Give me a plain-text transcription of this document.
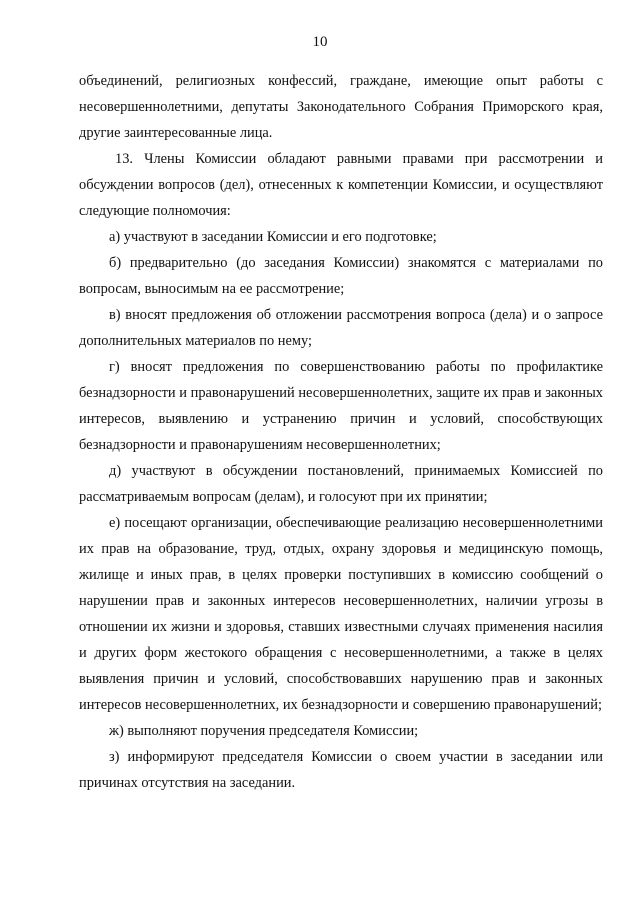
10

объединений, религиозных конфессий, граждане, имеющие опыт работы с несовершеннолетними, депутаты Законодательного Собрания Приморского края, другие заинтересованные лица.

13. Члены Комиссии обладают равными правами при рассмотрении и обсуждении вопросов (дел), отнесенных к компетенции Комиссии, и осуществляют следующие полномочия:

а) участвуют в заседании Комиссии и его подготовке;

б) предварительно (до заседания Комиссии) знакомятся с материалами по вопросам, выносимым на ее рассмотрение;

в) вносят предложения об отложении рассмотрения вопроса (дела) и о запросе дополнительных материалов по нему;

г) вносят предложения по совершенствованию работы по профилактике безнадзорности и правонарушений несовершеннолетних, защите их прав и законных интересов, выявлению и устранению причин и условий, способствующих безнадзорности и правонарушениям несовершеннолетних;

д) участвуют в обсуждении постановлений, принимаемых Комиссией по рассматриваемым вопросам (делам), и голосуют при их принятии;

е) посещают организации, обеспечивающие реализацию несовершеннолетними их прав на образование, труд, отдых, охрану здоровья и медицинскую помощь, жилище и иных прав, в целях проверки поступивших в комиссию сообщений о нарушении прав и законных интересов несовершеннолетних, наличии угрозы в отношении их жизни и здоровья, ставших известными случаях применения насилия и других форм жестокого обращения с несовершеннолетними, а также в целях выявления причин и условий, способствовавших нарушению прав и законных интересов несовершеннолетних, их безнадзорности и совершению правонарушений;

ж) выполняют поручения председателя Комиссии;

з) информируют председателя Комиссии о своем участии в заседании или причинах отсутствия на заседании.
